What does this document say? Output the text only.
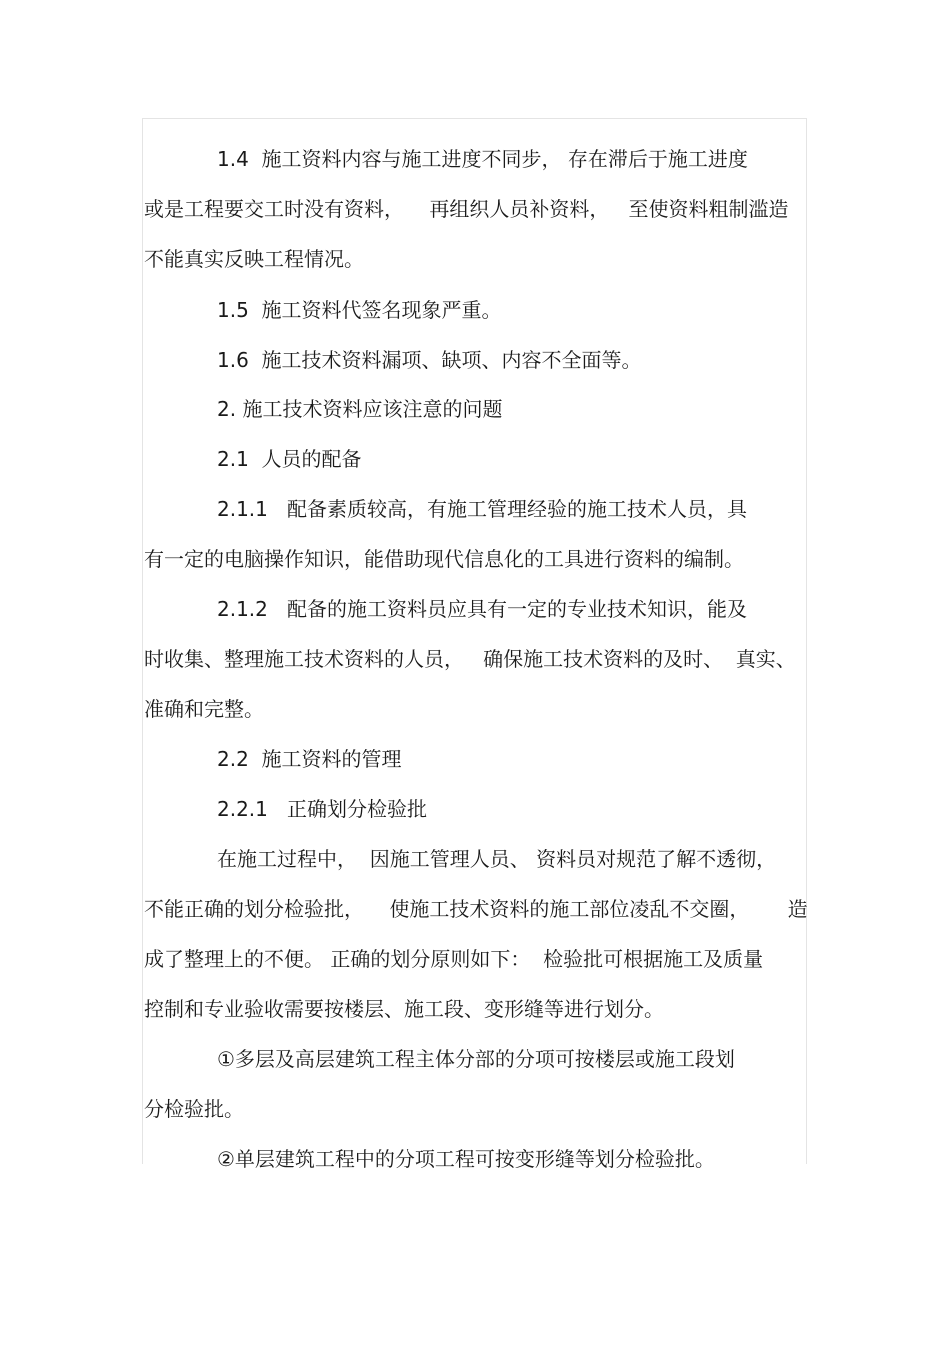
1.4  施工资料内容与施工进度不同步， 存在滞后于施工进度
或是工程要交工时没有资料，    再组织人员补资料，   至使资料粗制滥造
不能真实反映工程情况。
1.5  施工资料代签名现象严重。
1.6  施工技术资料漏项、缺项、内容不全面等。
2. 施工技术资料应该注意的问题
2.1  人员的配备
2.1.1   配备素质较高，有施工管理经验的施工技术人员，具
有一定的电脑操作知识，能借助现代信息化的工具进行资料的编制。
2.1.2   配备的施工资料员应具有一定的专业技术知识，能及
时收集、整理施工技术资料的人员，   确保施工技术资料的及时、  真实、
准确和完整。
2.2  施工资料的管理
2.2.1   正确划分检验批
在施工过程中，  因施工管理人员、 资料员对规范了解不透彻，
不能正确的划分检验批，    使施工技术资料的施工部位凌乱不交圈，      造
成了整理上的不便。 正确的划分原则如下：  检验批可根据施工及质量
控制和专业验收需要按楼层、施工段、变形缝等进行划分。
①多层及高层建筑工程主体分部的分项可按楼层或施工段划
分检验批。
②单层建筑工程中的分项工程可按变形缝等划分检验批。
